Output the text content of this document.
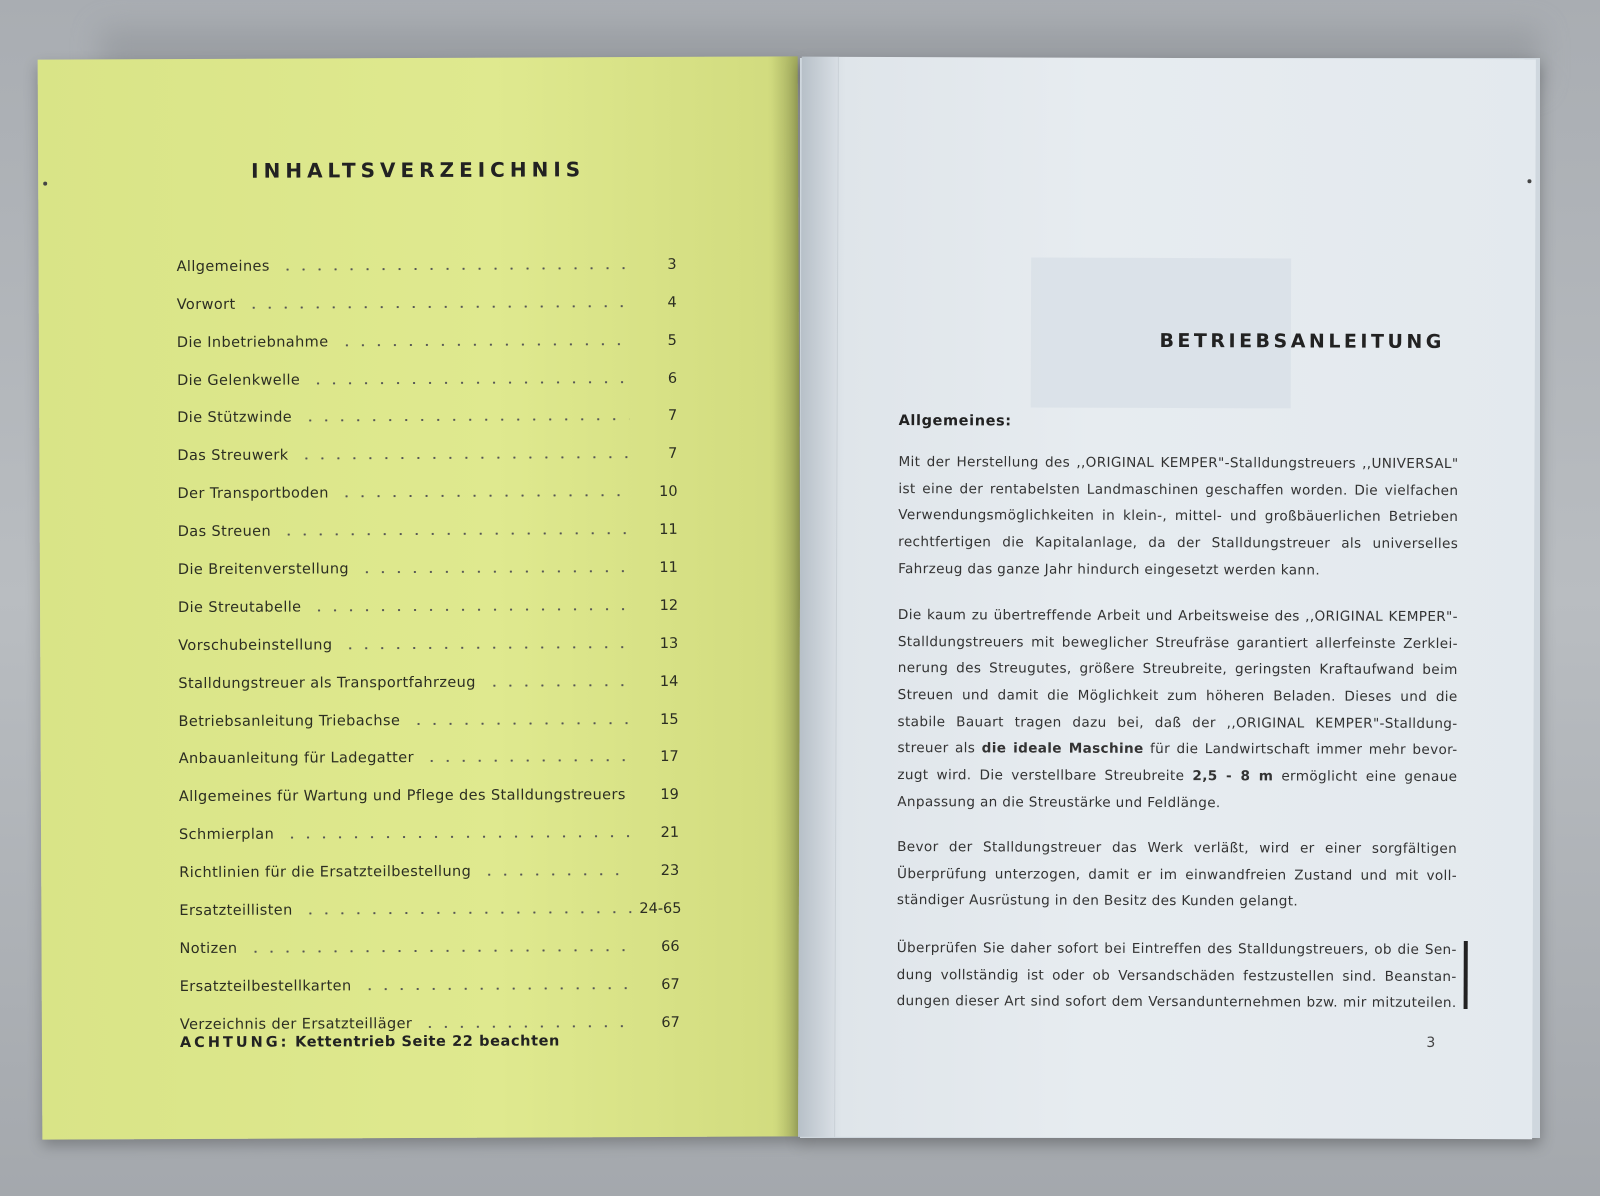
INHALTSVERZEICHNIS
Allgemeines	3
Vorwort	4
Die Inbetriebnahme	5
Die Gelenkwelle	6
Die Stützwinde	7
Das Streuwerk	7
Der Transportboden	10
Das Streuen	11
Die Breitenverstellung	11
Die Streutabelle	12
Vorschubeinstellung	13
Stalldungstreuer als Transportfahrzeug	14
Betriebsanleitung Triebachse	15
Anbauanleitung für Ladegatter	17
Allgemeines für Wartung und Pflege des Stalldungstreuers	19
Schmierplan	21
Richtlinien für die Ersatzteilbestellung	23
Ersatzteillisten	24-65
Notizen	66
Ersatzteilbestellkarten	67
Verzeichnis der Ersatzteilläger	67
ACHTUNG: Kettentrieb Seite 22 beachten
BETRIEBSANLEITUNG
Allgemeines:
Mit der Herstellung des ,,ORIGINAL KEMPER"-Stalldungstreuers ,,UNIVERSAL"
ist eine der rentabelsten Landmaschinen geschaffen worden. Die vielfachen
Verwendungsmöglichkeiten in klein-, mittel- und großbäuerlichen Betrieben
rechtfertigen die Kapitalanlage, da der Stalldungstreuer als universelles
Fahrzeug das ganze Jahr hindurch eingesetzt werden kann.
Die kaum zu übertreffende Arbeit und Arbeitsweise des ,,ORIGINAL KEMPER"-
Stalldungstreuers mit beweglicher Streufräse garantiert allerfeinste Zerklei-
nerung des Streugutes, größere Streubreite, geringsten Kraftaufwand beim
Streuen und damit die Möglichkeit zum höheren Beladen. Dieses und die
stabile Bauart tragen dazu bei, daß der ,,ORIGINAL KEMPER"-Stalldung-
streuer als die ideale Maschine für die Landwirtschaft immer mehr bevor-
zugt wird. Die verstellbare Streubreite 2,5 - 8 m ermöglicht eine genaue
Anpassung an die Streustärke und Feldlänge.
Bevor der Stalldungstreuer das Werk verläßt, wird er einer sorgfältigen
Überprüfung unterzogen, damit er im einwandfreien Zustand und mit voll-
ständiger Ausrüstung in den Besitz des Kunden gelangt.
Überprüfen Sie daher sofort bei Eintreffen des Stalldungstreuers, ob die Sen-
dung vollständig ist oder ob Versandschäden festzustellen sind. Beanstan-
dungen dieser Art sind sofort dem Versandunternehmen bzw. mir mitzuteilen.
3
